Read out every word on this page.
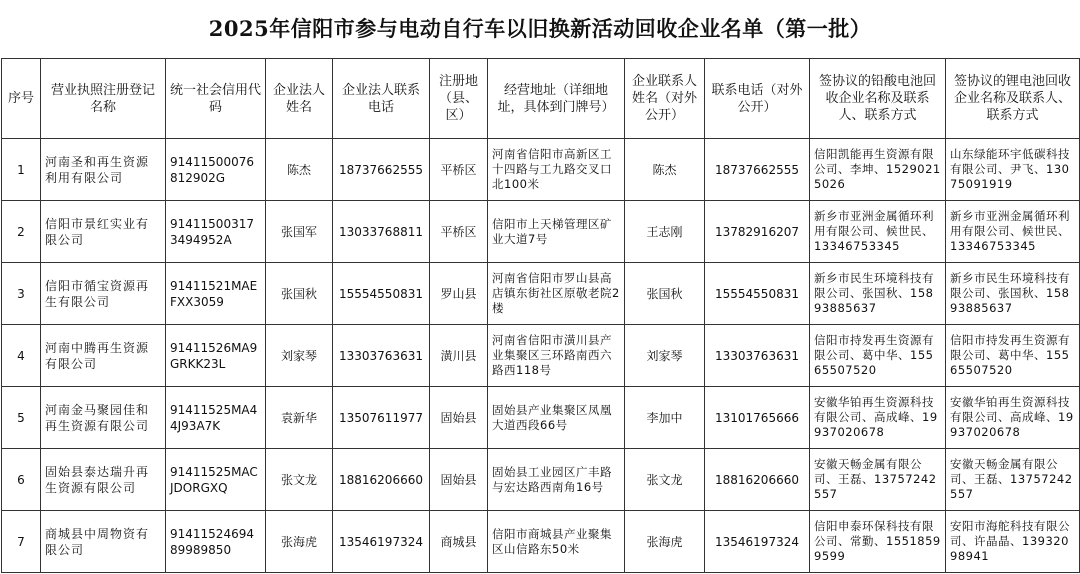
2025年信阳市参与电动自行车以旧换新活动回收企业名单（第一批）
序号	营业执照注册登记名称	统一社会信用代码	企业法人姓名	企业法人联系电话	注册地（县、区）	经营地址（详细地址，具体到门牌号）	企业联系人姓名（对外公开）	联系电话（对外公开）	签协议的铅酸电池回收企业名称及联系人、联系方式	签协议的锂电池回收企业名称及联系人、联系方式
1	河南圣和再生资源利用有限公司	91411500076812902G	陈杰	18737662555	平桥区	河南省信阳市高新区工十四路与工九路交叉口北100米	陈杰	18737662555	信阳凯能再生资源有限公司、李坤、15290215026	山东绿能环宇低碳科技有限公司、尹飞、13075091919
2	信阳市景红实业有限公司	914115003173494952A	张国军	13033768811	平桥区	信阳市上天梯管理区矿业大道7号	王志刚	13782916207	新乡市亚洲金属循环利用有限公司、候世民、13346753345	新乡市亚洲金属循环利用有限公司、候世民、13346753345
3	信阳市循宝资源再生有限公司	91411521MAEFXX3059	张国秋	15554550831	罗山县	河南省信阳市罗山县高店镇东街社区原敬老院2楼	张国秋	15554550831	新乡市民生环境科技有限公司、张国秋、15893885637	新乡市民生环境科技有限公司、张国秋、15893885637
4	河南中腾再生资源有限公司	91411526MA9GRKK23L	刘家琴	13303763631	潢川县	河南省信阳市潢川县产业集聚区三环路南西六路西118号	刘家琴	13303763631	信阳市持发再生资源有限公司、葛中华、15565507520	信阳市持发再生资源有限公司、葛中华、15565507520
5	河南金马聚园佳和再生资源有限公司	91411525MA44J93A7K	袁新华	13507611977	固始县	固始县产业集聚区凤凰大道西段66号	李加中	13101765666	安徽华铂再生资源科技有限公司、高成峰、19937020678	安徽华铂再生资源科技有限公司、高成峰、19937020678
6	固始县泰达瑞升再生资源有限公司	91411525MACJDORGXQ	张文龙	18816206660	固始县	固始县工业园区广丰路与宏达路西南角16号	张文龙	18816206660	安徽天畅金属有限公司、王磊、13757242557	安徽天畅金属有限公司、王磊、13757242557
7	商城县中周物资有限公司	9141152469489989850	张海虎	13546197324	商城县	信阳市商城县产业聚集区山信路东50米	张海虎	13546197324	信阳申泰环保科技有限公司、常勤、15518599599	安阳市海舵科技有限公司、许晶晶、13932098941
